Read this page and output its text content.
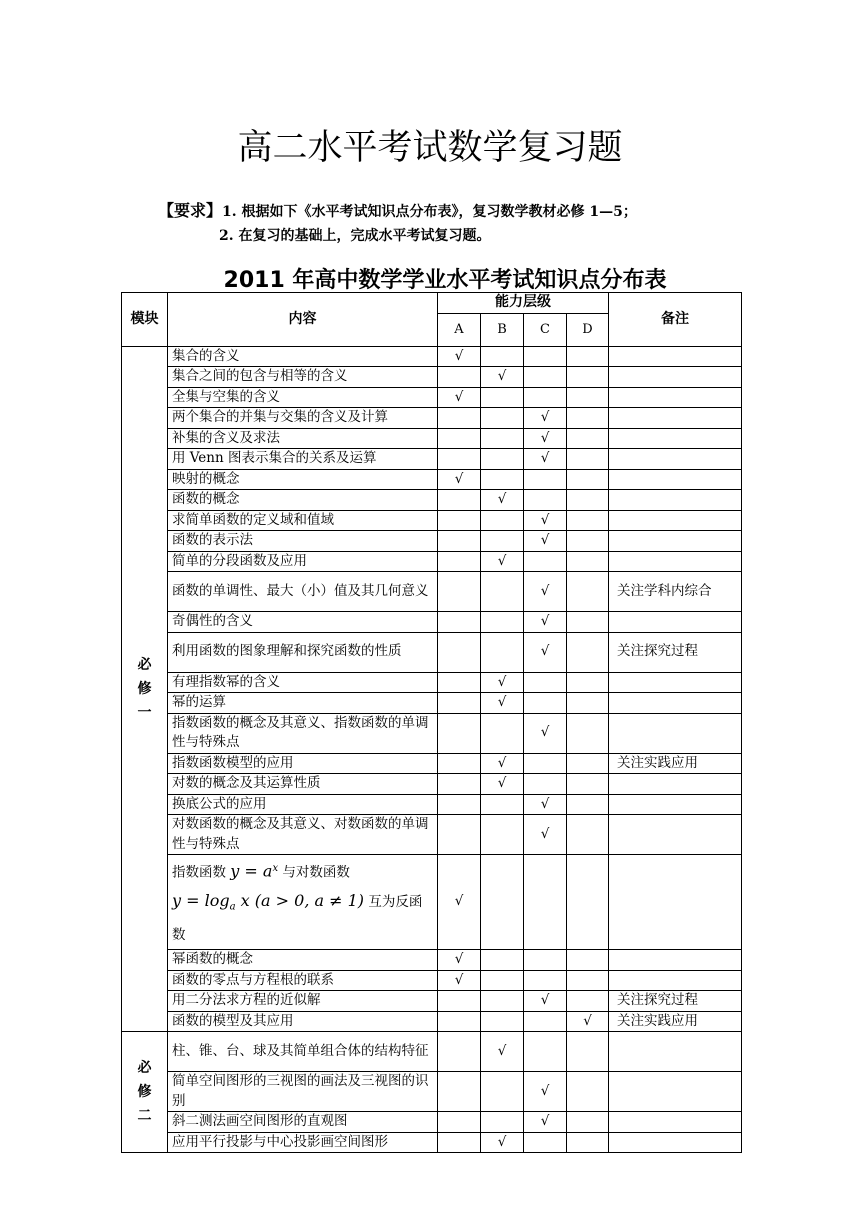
高二水平考试数学复习题
【要求】1. 根据如下《水平考试知识点分布表》，复习数学教材必修 1—5；
2. 在复习的基础上，完成水平考试复习题。
2011 年高中数学学业水平考试知识点分布表
模块	内容	能力层级				备注
		A	B	C	D	

必
修
一	集合的含义	√				
	集合之间的包含与相等的含义		√			
	全集与空集的含义	√				
	两个集合的并集与交集的含义及计算			√		
	补集的含义及求法			√		
	用 Venn 图表示集合的关系及运算			√		
	映射的概念	√				
	函数的概念		√			
	求简单函数的定义域和值域			√		
	函数的表示法			√		
	简单的分段函数及应用		√			
	函数的单调性、最大（小）值及其几何意义			√		关注学科内综合
	奇偶性的含义			√		
	利用函数的图象理解和探究函数的性质			√		关注探究过程
	有理指数幂的含义		√			
	幂的运算		√			
	指数函数的概念及其意义、指数函数的单调性与特殊点			√		
	指数函数模型的应用		√			关注实践应用
	对数的概念及其运算性质		√			
	换底公式的应用			√		
	对数函数的概念及其意义、对数函数的单调性与特殊点			√		

	指数函数 $y = a^x$ 与对数函数
$y = \log_a x$ (a > 0, a ≠ 1) 互为反函数	√				
	幂函数的概念	√				
	函数的零点与方程根的联系	√				
	用二分法求方程的近似解			√		关注探究过程
	函数的模型及其应用				√	关注实践应用

必
修
二	柱、锥、台、球及其简单组合体的结构特征		√			
	简单空间图形的三视图的画法及三视图的识别			√		
	斜二测法画空间图形的直观图			√		
	应用平行投影与中心投影画空间图形		√			
